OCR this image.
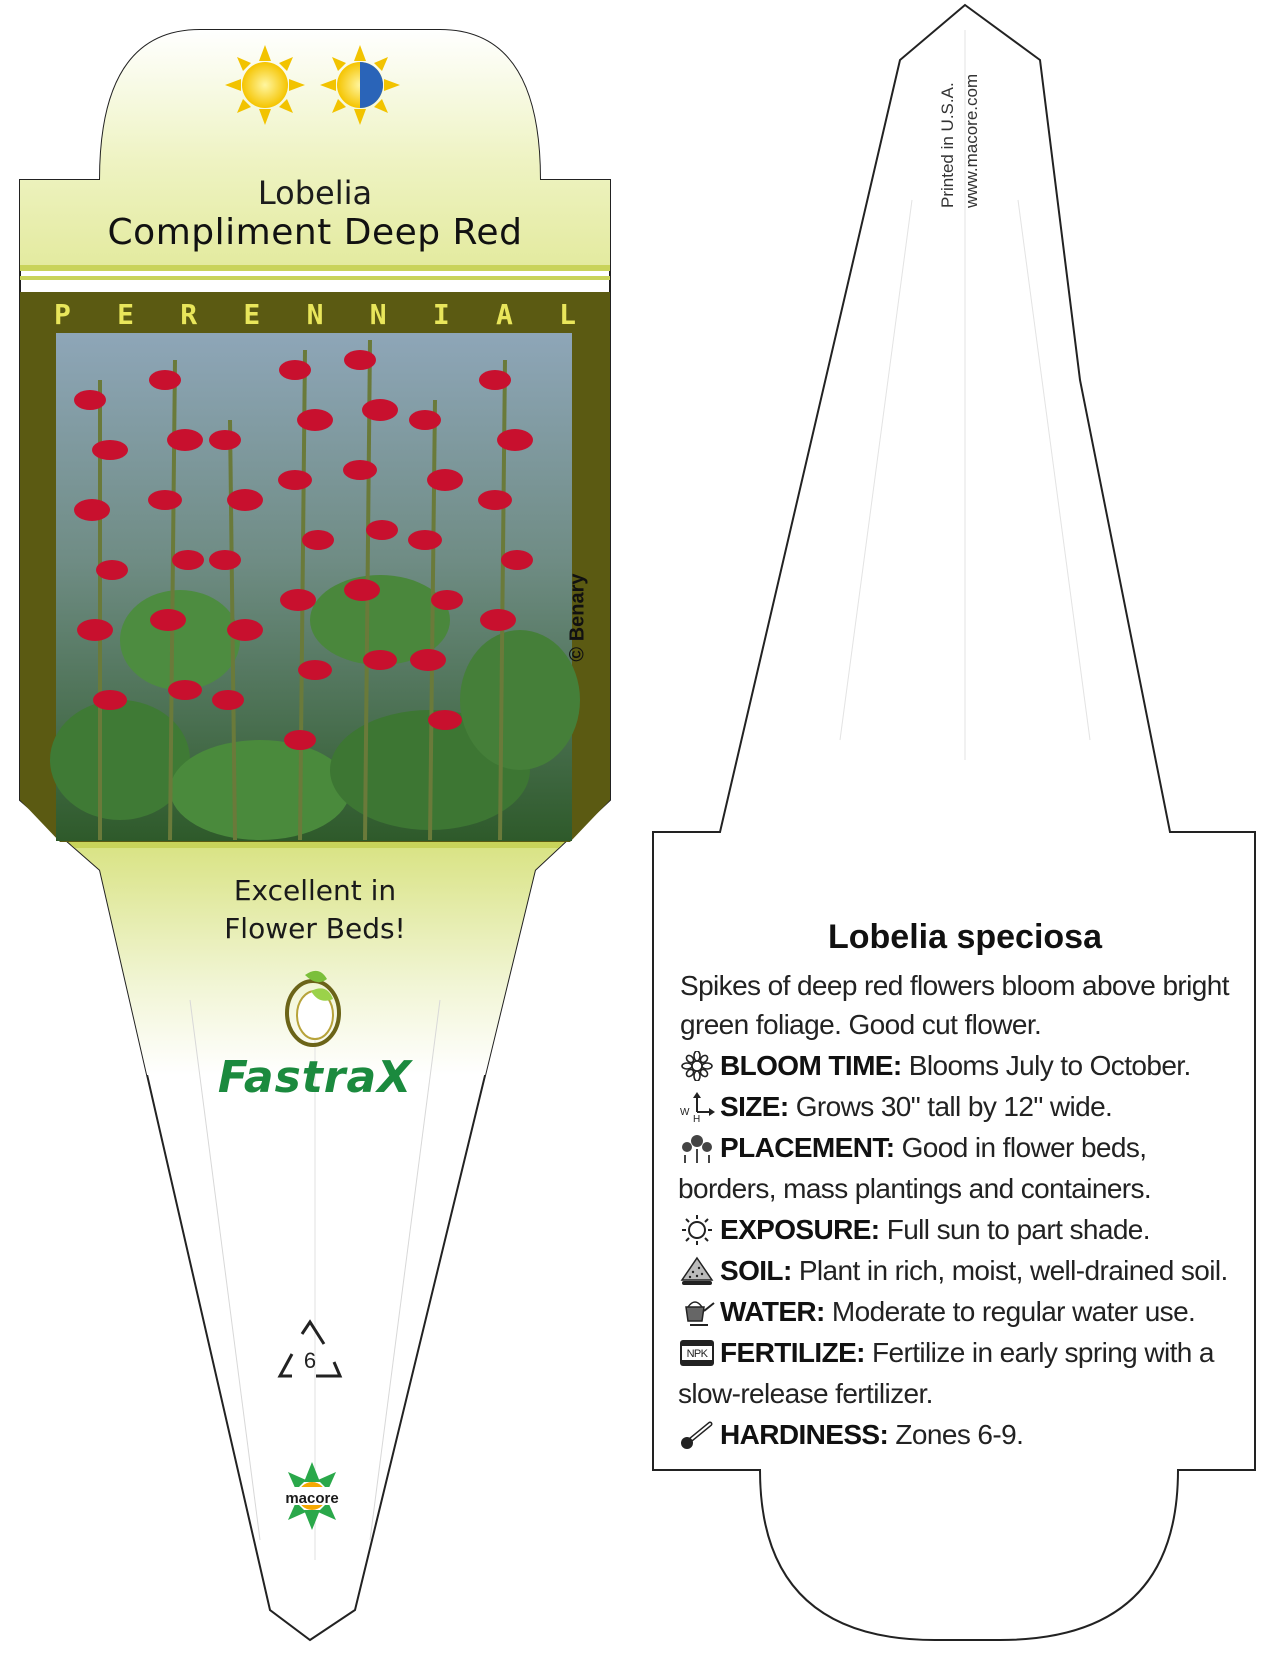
Lobelia
Compliment Deep Red
P E R E N N I A L
© Benary
Excellent in
Flower Beds!
FastraX
6
macore
Printed in U.S.A. www.macore.com
Lobelia speciosa
Spikes of deep red flowers bloom above bright green foliage. Good cut flower.
BLOOM TIME: Blooms July to October.
W
H SIZE: Grows 30" tall by 12" wide.
PLACEMENT: Good in flower beds, borders, mass plantings and containers.
EXPOSURE: Full sun to part shade.
SOIL: Plant in rich, moist, well-drained soil.
WATER: Moderate to regular water use.
NPK FERTILIZE: Fertilize in early spring with a slow-release fertilizer.
HARDINESS: Zones 6-9.
